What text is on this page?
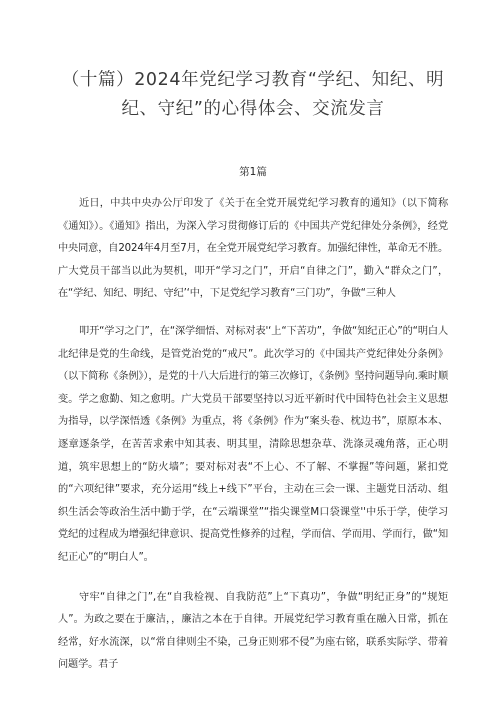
（十篇）2024年党纪学习教育“学纪、知纪、明
纪、守纪”的心得体会、交流发言
第1篇

近日，中共中央办公厅印发了《关于在全党开展党纪学习教育的通知》（以下简称《通知》）。《通知》指出，为深入学习贯彻修订后的《中国共产党纪律处分条例》，经党中央同意，自2024年4月至7月，在全党开展党纪学习教育。加强纪律性，革命无不胜。广大党员干部当以此为契机，叩开“学习之门”，开启“自律之门”，勤入“群众之门”，在“学纪、知纪、明纪、守纪’‘中，下足党纪学习教育“三门功”，争做“三种人

叩开“学习之门”，在“深学细悟、对标对表'‘上“下苦功”，争做“知纪正心”的“明白人北纪律是党的生命线，是管党治党的“戒尺”。此次学习的《中国共产党纪律处分条例》（以下简称《条例》），是党的十八大后进行的第三次修订，《条例》坚持问题导向.乘时顺变。学之愈勤、知之愈明。广大党员干部要坚持以习近平新时代中国特色社会主义思想为指导，以学深悟透《条例》为重点，将《条例》作为“案头卷、枕边书”，原原本本、逐章逐条学，在苦苦求索中知其表、明其里，清除思想杂草、洗涤灵魂角落，正心明道，筑牢思想上的“防火墙”；要对标对表“不上心、不了解、不掌握”等问题，紧扣党的“六项纪律”要求，充分运用“线上+线下”平台，主动在三会一课、主题党日活动、组织生活会等政治生活中勤于学，在“云端课堂”“指尖课堂M口袋课堂''中乐于学，使学习党纪的过程成为增强纪律意识、提高党性修养的过程，学而信、学而用、学而行，做“知纪正心”的“明白人”。

守牢“自律之门”,在“自我检视、自我防范”上“下真功”，争做“明纪正身”的“规矩人”。为政之要在于廉洁，，廉洁之本在于自律。开展党纪学习教育重在融入日常，抓在经常，好水流深，以“常自律则尘不染，己身正则邪不侵”为座右铭，联系实际学、带着问题学。君子
